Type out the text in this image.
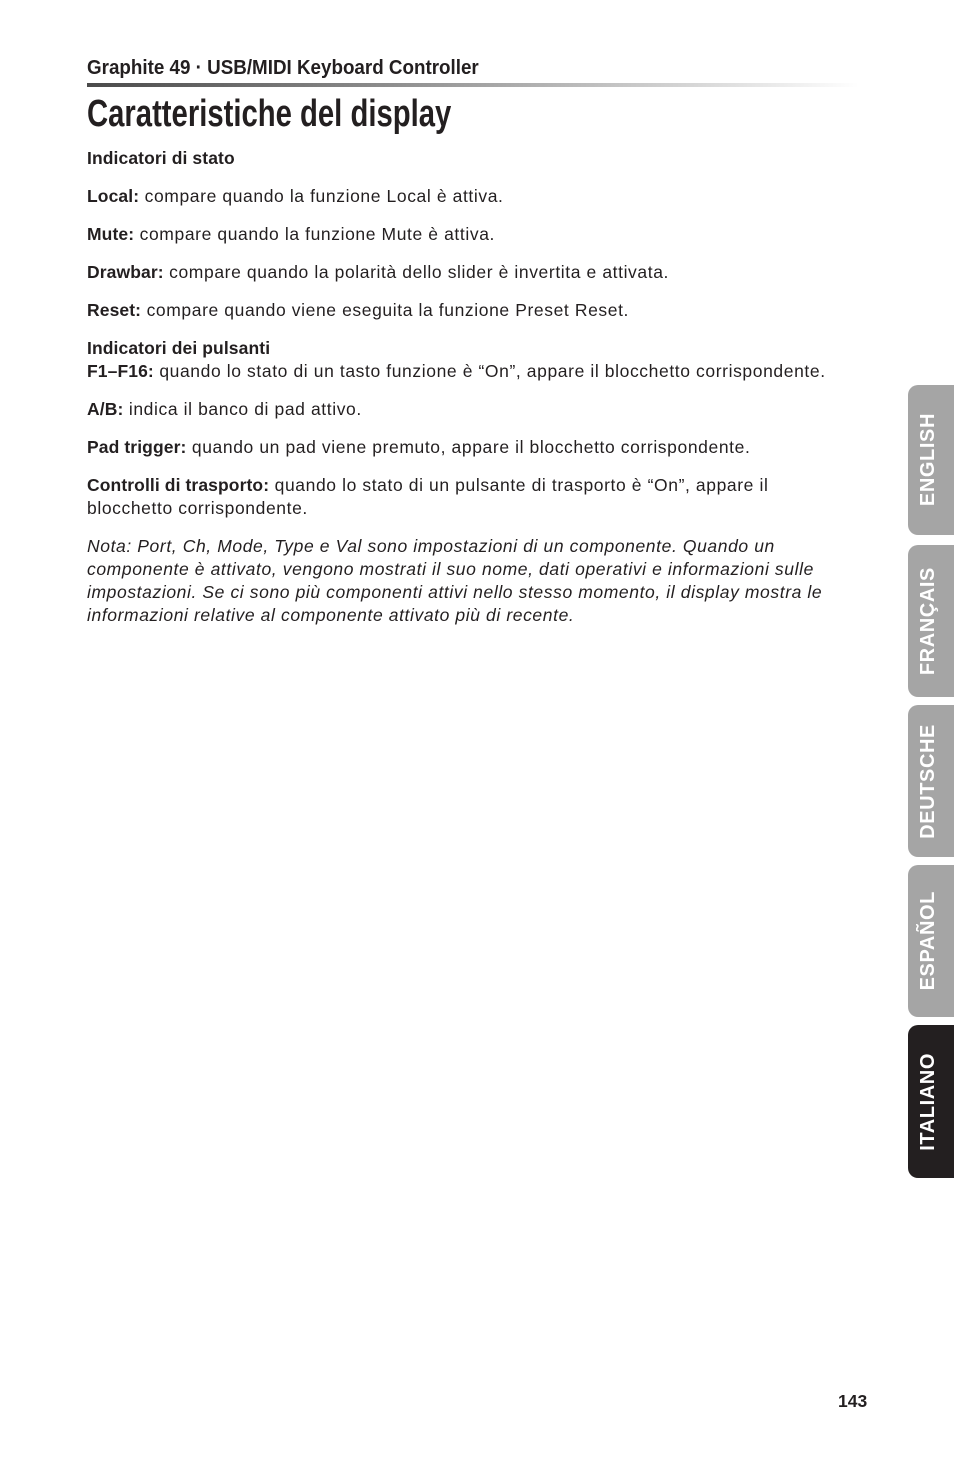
Graphite 49 · USB/MIDI Keyboard Controller
Caratteristiche del display

Indicatori di stato

Local: compare quando la funzione Local è attiva.

Mute: compare quando la funzione Mute è attiva.

Drawbar: compare quando la polarità dello slider è invertita e attivata.

Reset: compare quando viene eseguita la funzione Preset Reset.

Indicatori dei pulsanti

F1–F16: quando lo stato di un tasto funzione è “On”, appare il blocchetto corrispondente.

A/B: indica il banco di pad attivo.

Pad trigger: quando un pad viene premuto, appare il blocchetto corrispondente.

Controlli di trasporto: quando lo stato di un pulsante di trasporto è “On”, appare il blocchetto corrispondente.

Nota: Port, Ch, Mode, Type e Val sono impostazioni di un componente. Quando un
componente è attivato, vengono mostrati il suo nome, dati operativi e informazioni sulle
impostazioni. Se ci sono più componenti attivi nello stesso momento, il display mostra le
informazioni relative al componente attivato più di recente.

ENGLISH
FRANÇAIS
DEUTSCHE
ESPAÑOL
ITALIANO
143
